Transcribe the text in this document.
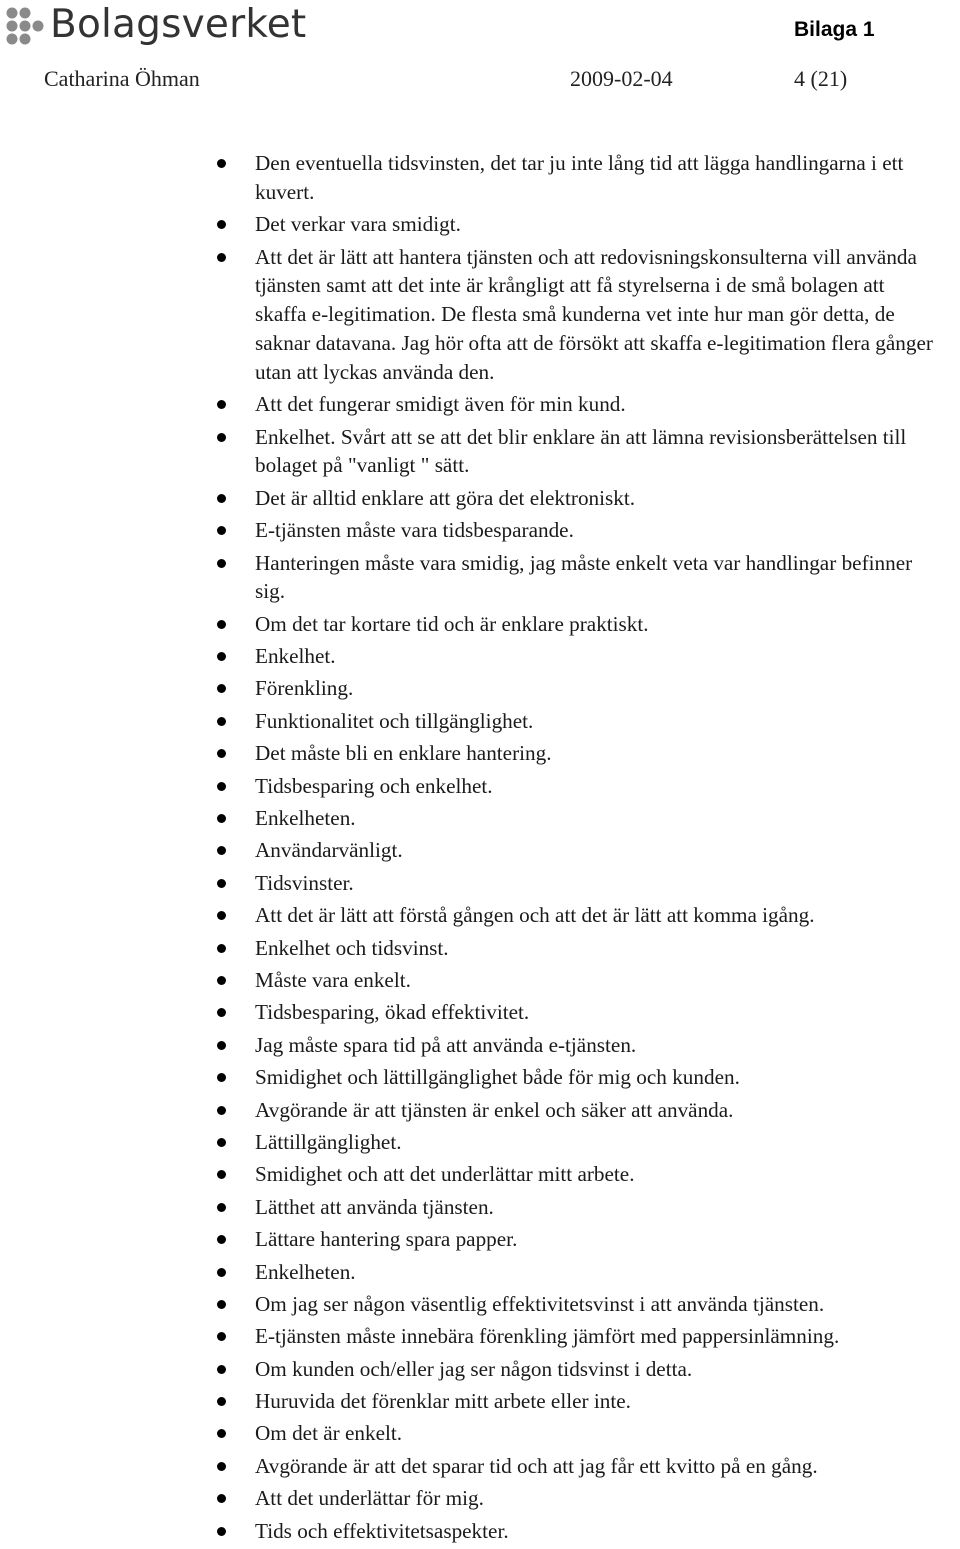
Bolagsverket	Bilaga 1
Catharina Öhman	2009-02-04	4 (21)
Den eventuella tidsvinsten, det tar ju inte lång tid att lägga handlingarna i ett kuvert.
Det verkar vara smidigt.
Att det är lätt att hantera tjänsten och att redovisningskonsulterna vill använda tjänsten samt att det inte är krångligt att få styrelserna i de små bolagen att skaffa e-legitimation. De flesta små kunderna vet inte hur man gör detta, de saknar datavana. Jag hör ofta att de försökt att skaffa e-legitimation flera gånger utan att lyckas använda den.
Att det fungerar smidigt även för min kund.
Enkelhet. Svårt att se att det blir enklare än att lämna revisionsberättelsen till bolaget på "vanligt " sätt.
Det är alltid enklare att göra det elektroniskt.
E-tjänsten måste vara tidsbesparande.
Hanteringen måste vara smidig, jag måste enkelt veta var handlingar befinner sig.
Om det tar kortare tid och är enklare praktiskt.
Enkelhet.
Förenkling.
Funktionalitet och tillgänglighet.
Det måste bli en enklare hantering.
Tidsbesparing och enkelhet.
Enkelheten.
Användarvänligt.
Tidsvinster.
Att det är lätt att förstå gången och att det är lätt att komma igång.
Enkelhet och tidsvinst.
Måste vara enkelt.
Tidsbesparing, ökad effektivitet.
Jag måste spara tid på att använda e-tjänsten.
Smidighet och lättillgänglighet både för mig och kunden.
Avgörande är att tjänsten är enkel och säker att använda.
Lättillgänglighet.
Smidighet och att det underlättar mitt arbete.
Lätthet att använda tjänsten.
Lättare hantering spara papper.
Enkelheten.
Om jag ser någon väsentlig effektivitetsvinst i att använda tjänsten.
E-tjänsten måste innebära förenkling jämfört med pappersinlämning.
Om kunden och/eller jag ser någon tidsvinst i detta.
Huruvida det förenklar mitt arbete eller inte.
Om det är enkelt.
Avgörande är att det sparar tid och att jag får ett kvitto på en gång.
Att det underlättar för mig.
Tids och effektivitetsaspekter.
